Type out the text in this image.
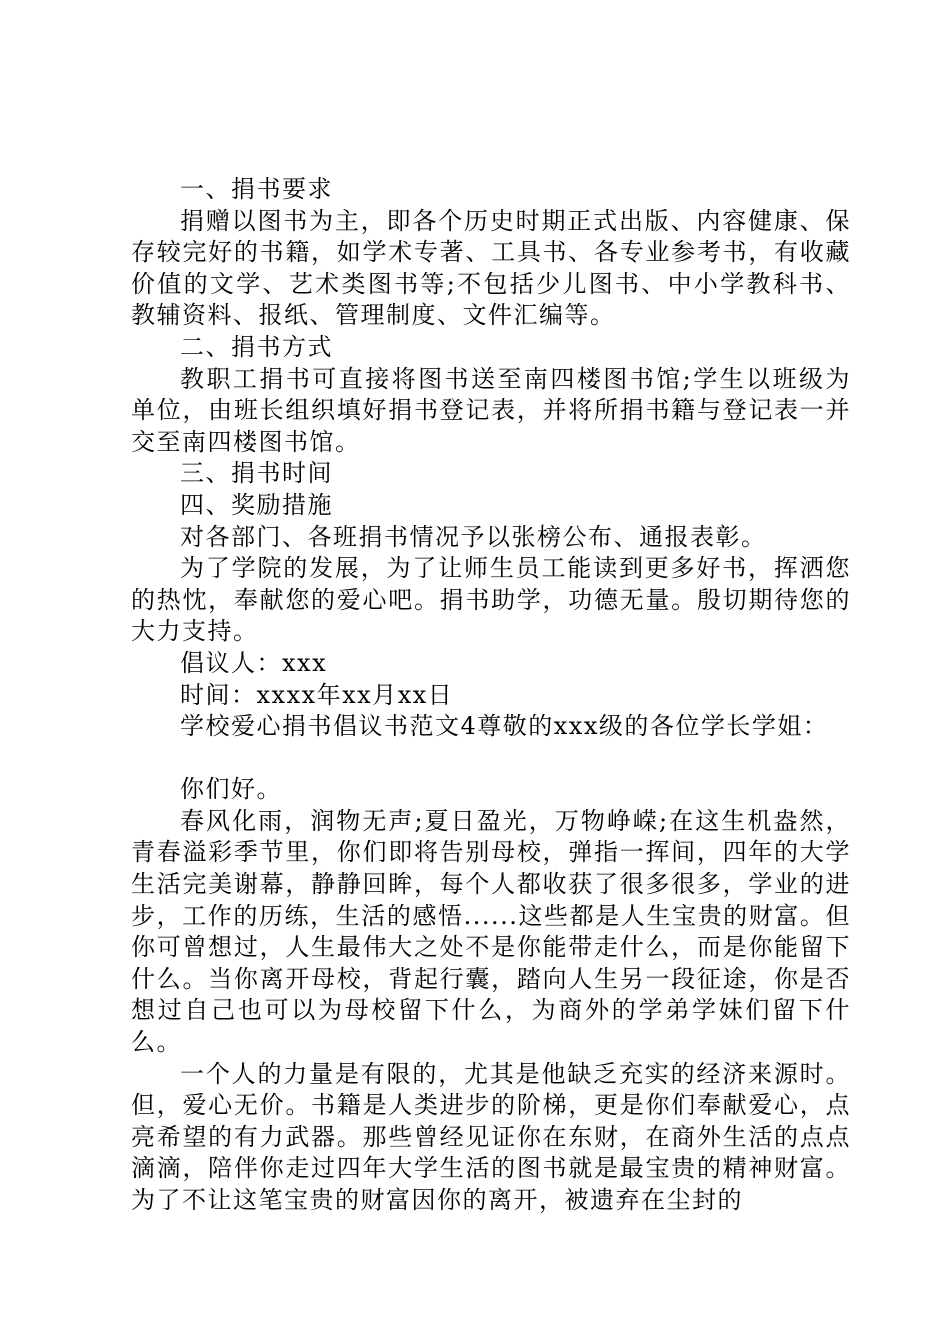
一、捐书要求

捐赠以图书为主，即各个历史时期正式出版、内容健康、保存较完好的书籍，如学术专著、工具书、各专业参考书，有收藏价值的文学、艺术类图书等;不包括少儿图书、中小学教科书、教辅资料、报纸、管理制度、文件汇编等。

二、捐书方式

教职工捐书可直接将图书送至南四楼图书馆;学生以班级为单位，由班长组织填好捐书登记表，并将所捐书籍与登记表一并交至南四楼图书馆。

三、捐书时间

四、奖励措施

对各部门、各班捐书情况予以张榜公布、通报表彰。

为了学院的发展，为了让师生员工能读到更多好书，挥洒您的热忱，奉献您的爱心吧。捐书助学，功德无量。殷切期待您的大力支持。

倡议人：xxx

时间：xxxx年xx月xx日

学校爱心捐书倡议书范文4尊敬的xxx级的各位学长学姐：

你们好。

春风化雨，润物无声;夏日盈光，万物峥嵘;在这生机盎然，青春溢彩季节里，你们即将告别母校，弹指一挥间，四年的大学生活完美谢幕，静静回眸，每个人都收获了很多很多，学业的进步，工作的历练，生活的感悟......这些都是人生宝贵的财富。但你可曾想过，人生最伟大之处不是你能带走什么，而是你能留下什么。当你离开母校，背起行囊，踏向人生另一段征途，你是否想过自己也可以为母校留下什么，为商外的学弟学妹们留下什么。

一个人的力量是有限的，尤其是他缺乏充实的经济来源时。但，爱心无价。书籍是人类进步的阶梯，更是你们奉献爱心，点亮希望的有力武器。那些曾经见证你在东财，在商外生活的点点滴滴，陪伴你走过四年大学生活的图书就是最宝贵的精神财富。为了不让这笔宝贵的财富因你的离开，被遗弃在尘封的
